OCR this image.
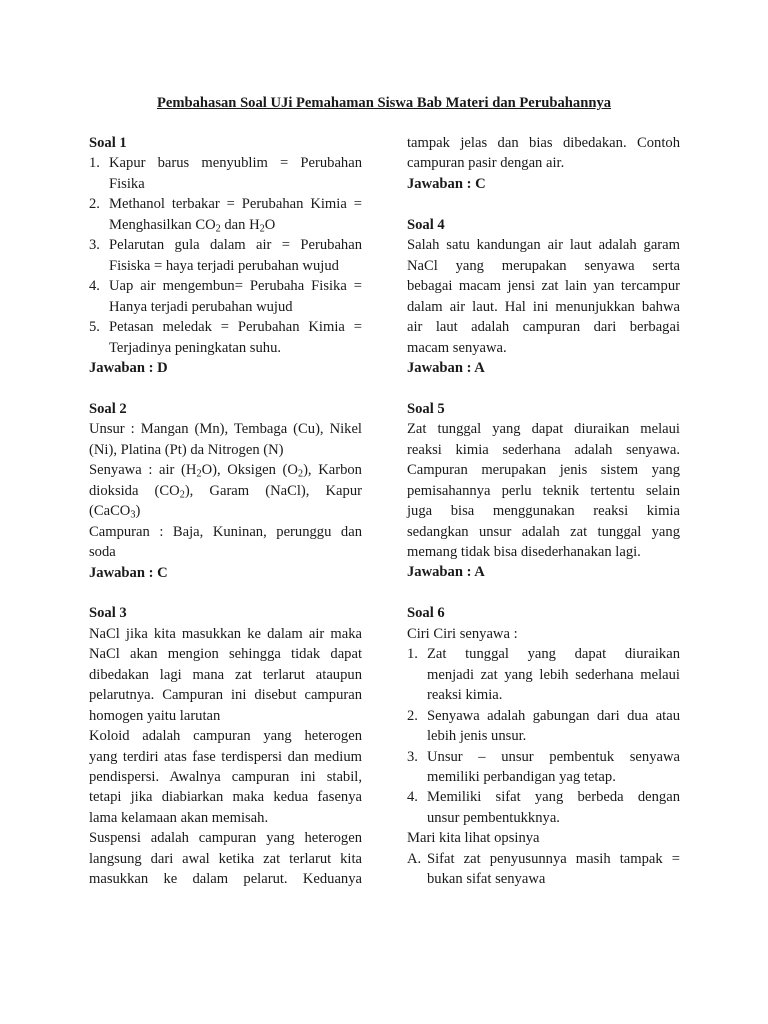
Pembahasan Soal UJi Pemahaman Siswa Bab Materi dan Perubahannya
Soal 1
1. Kapur barus menyublim = Perubahan
Fisika
2. Methanol terbakar = Perubahan Kimia =
Menghasilkan $CO_2$ dan $H_2O$
3. Pelarutan gula dalam air = Perubahan
Fisiska = haya terjadi perubahan wujud
4. Uap air mengembun= Perubaha Fisika =
Hanya terjadi perubahan wujud
5. Petasan meledak = Perubahan Kimia =
Terjadinya peningkatan suhu.
Jawaban : D
Soal 2
Unsur : Mangan (Mn), Tembaga (Cu), Nikel
(Ni), Platina (Pt) da Nitrogen (N)
Senyawa : air $(H_2O)$, Oksigen $(O_2)$, Karbon
dioksida $(CO_2)$, Garam (NaCl), Kapur
(CaCO$_3$)
Campuran : Baja, Kuninan, perunggu dan
soda
Jawaban : C
Soal 3
NaCl jika kita masukkan ke dalam air maka
NaCl akan mengion sehingga tidak dapat
dibedakan lagi mana zat terlarut ataupun
pelarutnya. Campuran ini disebut campuran
homogen yaitu larutan
Koloid adalah campuran yang heterogen
yang terdiri atas fase terdispersi dan medium
pendispersi. Awalnya campuran ini stabil,
tetapi jika diabiarkan maka kedua fasenya
lama kelamaan akan memisah.
Suspensi adalah campuran yang heterogen
langsung dari awal ketika zat terlarut kita
masukkan ke dalam pelarut. Keduanya
tampak jelas dan bias dibedakan. Contoh
campuran pasir dengan air.
Jawaban : C
Soal 4
Salah satu kandungan air laut adalah garam
NaCl yang merupakan senyawa serta
bebagai macam jensi zat lain yan tercampur
dalam air laut. Hal ini menunjukkan bahwa
air laut adalah campuran dari berbagai
macam senyawa.
Jawaban : A
Soal 5
Zat tunggal yang dapat diuraikan melaui
reaksi kimia sederhana adalah senyawa.
Campuran merupakan jenis sistem yang
pemisahannya perlu teknik tertentu selain
juga bisa menggunakan reaksi kimia
sedangkan unsur adalah zat tunggal yang
memang tidak bisa disederhanakan lagi.
Jawaban : A
Soal 6
Ciri Ciri senyawa :
1. Zat tunggal yang dapat diuraikan
menjadi zat yang lebih sederhana melaui
reaksi kimia.
2. Senyawa adalah gabungan dari dua atau
lebih jenis unsur.
3. Unsur – unsur pembentuk senyawa
memiliki perbandigan yag tetap.
4. Memiliki sifat yang berbeda dengan
unsur pembentukknya.
Mari kita lihat opsinya
A. Sifat zat penyusunnya masih tampak =
bukan sifat senyawa
